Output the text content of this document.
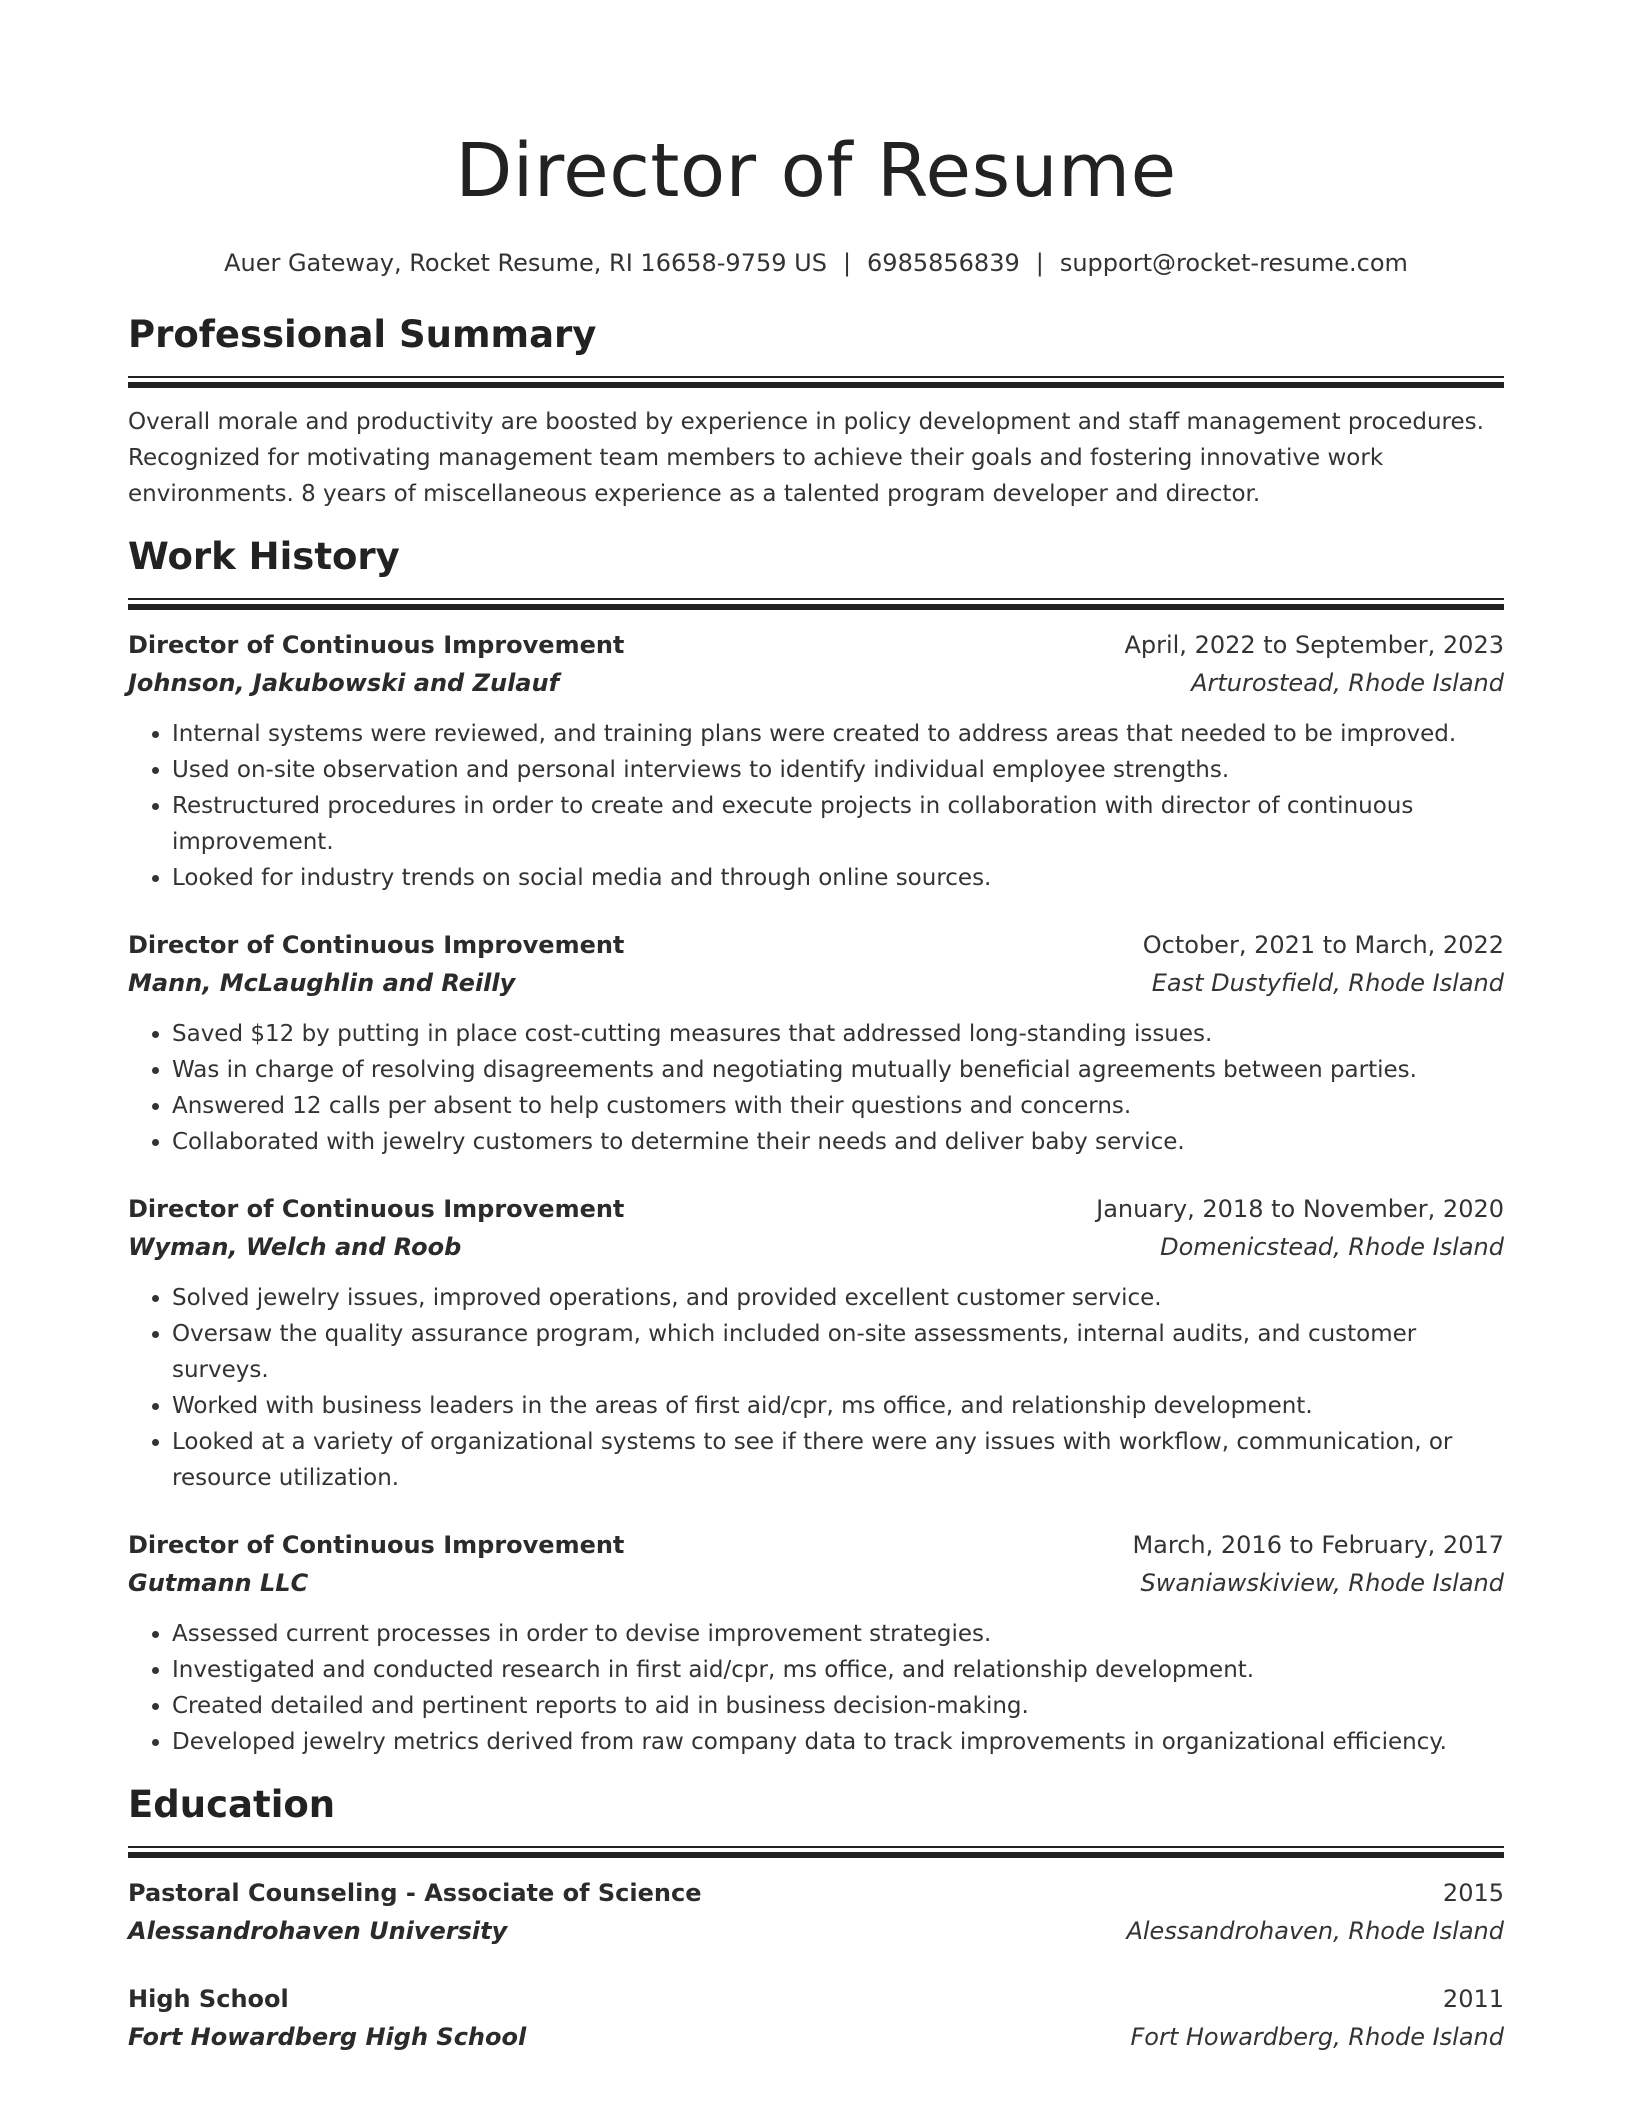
Director of Resume
Auer Gateway, Rocket Resume, RI 16658-9759 US | 6985856839 | support@rocket-resume.com
Professional Summary
Overall morale and productivity are boosted by experience in policy development and staff management procedures. Recognized for motivating management team members to achieve their goals and fostering innovative work environments. 8 years of miscellaneous experience as a talented program developer and director.
Work History
Director of Continuous Improvement	April, 2022 to September, 2023
Johnson, Jakubowski and Zulauf	Arturostead, Rhode Island
• Internal systems were reviewed, and training plans were created to address areas that needed to be improved.
• Used on-site observation and personal interviews to identify individual employee strengths.
• Restructured procedures in order to create and execute projects in collaboration with director of continuous improvement.
• Looked for industry trends on social media and through online sources.
Director of Continuous Improvement	October, 2021 to March, 2022
Mann, McLaughlin and Reilly	East Dustyfield, Rhode Island
• Saved $12 by putting in place cost-cutting measures that addressed long-standing issues.
• Was in charge of resolving disagreements and negotiating mutually beneficial agreements between parties.
• Answered 12 calls per absent to help customers with their questions and concerns.
• Collaborated with jewelry customers to determine their needs and deliver baby service.
Director of Continuous Improvement	January, 2018 to November, 2020
Wyman, Welch and Roob	Domenicstead, Rhode Island
• Solved jewelry issues, improved operations, and provided excellent customer service.
• Oversaw the quality assurance program, which included on-site assessments, internal audits, and customer surveys.
• Worked with business leaders in the areas of first aid/cpr, ms office, and relationship development.
• Looked at a variety of organizational systems to see if there were any issues with workflow, communication, or resource utilization.
Director of Continuous Improvement	March, 2016 to February, 2017
Gutmann LLC	Swaniawskiview, Rhode Island
• Assessed current processes in order to devise improvement strategies.
• Investigated and conducted research in first aid/cpr, ms office, and relationship development.
• Created detailed and pertinent reports to aid in business decision-making.
• Developed jewelry metrics derived from raw company data to track improvements in organizational efficiency.
Education
Pastoral Counseling - Associate of Science	2015
Alessandrohaven University	Alessandrohaven, Rhode Island
High School	2011
Fort Howardberg High School	Fort Howardberg, Rhode Island
